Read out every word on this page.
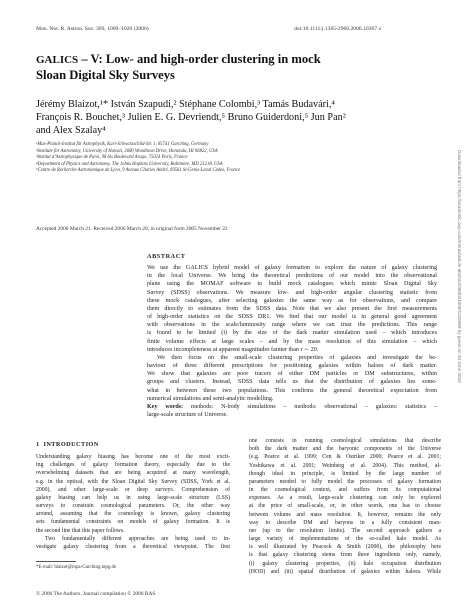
Mon. Not. R. Astron. Soc. 369, 1009–1020 (2006)                                                                                                        doi:10.1111/j.1365-2966.2006.10367.x
GALICS – V: Low- and high-order clustering in mock
Sloan Digital Sky Surveys
Jérémy Blaizot,¹* István Szapudi,² Stéphane Colombi,³ Tamás Budavári,⁴
François R. Bouchet,³ Julien E. G. Devriendt,⁵ Bruno Guiderdoni,⁵ Jun Pan²
and Alex Szalay⁴
¹Max-Planck-Institut für Astrophysik, Karl-Schwarzschild-Str. 1, 85741 Garching, Germany
²Institute for Astronomy, University of Hawaii, 2680 Woodlawn Drive, Honolulu, HI 96822, USA
³Institut d’Astrophysique de Paris, 98 bis Boulevard Arago, 75014 Paris, France
⁴Department of Physics and Astronomy, The Johns Hopkins University, Baltimore, MD 21218, USA
⁵Centre de Recherche Astronomique de Lyon, 9 Avenue Charles André, 69561 St-Genis-Laval Cedex, France
Accepted 2006 March 21. Received 2006 March 20; in original form 2005 November 22
ABSTRACT
We use the GALICS hybrid model of galaxy formation to explore the nature of galaxy clustering
in the local Universe. We bring the theoretical predictions of our model into the observational
plane using the MOMAF software to build mock catalogues which mimic Sloan Digital Sky
Survey (SDSS) observations. We measure low- and high-order angular clustering statistic from
these mock catalogues, after selecting galaxies the same way as for observations, and compare
them directly to estimates from the SDSS data. Note that we also present the first measurements
of high-order statistics on the SDSS DR1. We find that our model is in general good agreement
with observations in the scale/luminosity range where we can trust the predictions. This range
is found to be limited (i) by the size of the dark matter simulation used – which introduces
finite volume effects at large scales – and by the mass resolution of this simulation – which
introduces incompleteness at apparent magnitudes fainter than r ∼ 20.
We then focus on the small-scale clustering properties of galaxies and investigate the be-
haviour of three different prescriptions for positioning galaxies within haloes of dark matter.
We show that galaxies are poor tracers of either DM particles or DM substructures, within
groups and clusters. Instead, SDSS data tells us that the distribution of galaxies lies some-
what in between these two populations. This confirms the general theoretical expectation from
numerical simulations and semi-analytic modelling.
Key words: methods: N-body simulations – methods: observational – galaxies: statistics –
large-scale structure of Universe.
1  INTRODUCTION
Understanding galaxy biasing has become one of the most excit-
ing challenges of galaxy formation theory, especially due to the
overwhelming datasets that are being acquired at many wavelength,
e.g. in the optical, with the Sloan Digital Sky Survey (SDSS, York et al.
2000), and other large-scale or deep surveys. Comprehension of
galaxy biasing can help us in using large-scale structure (LSS)
surveys to constrain cosmological parameters. Or, the other way
around, assuming that the cosmology is known, galaxy clustering
sets fundamental constraints on models of galaxy formation. It is
the second line that this paper follows.
Two fundamentally different approaches are being used to in-
vestigate galaxy clustering from a theoretical viewpoint. The first
one consists in running cosmological simulations that describe
both the dark matter and the baryonic components of the Universe
(e.g. Pearce et al. 1999; Cen & Ostriker 2000; Pearce et al. 2001;
Yoshikawa et al. 2001; Weinberg et al. 2004). This method, al-
though ideal in principle, is limited by the large number of
parameters needed to fully model the processes of galaxy formation
in the cosmological context, and suffers from its computational
expenses. As a result, large-scale clustering can only be explored
at the price of small-scale, or, in other words, one has to choose
between volume and mass resolution. It, however, remains the only
way to describe DM and baryons in a fully consistent man-
ner (up to the resolution limits). The second approach gathers a
large variety of implementations of the so-called halo model. As
is well illustrated by Peacock & Smith (2000), the philosophy here
is that galaxy clustering stems from three ingredients only, namely,
(i) galaxy clustering properties, (ii) halo occupation distribution
(HOD) and (iii) spatial distribution of galaxies within haloes. While
*E-mail: blaizot@mpa-Garching.mpg.de
© 2006 The Authors. Journal compilation © 2006 RAS
Downloaded from https://academic.oup.com/mnras/article-abstract/369/3/1009/1225969 by guest on 10 June 2020
